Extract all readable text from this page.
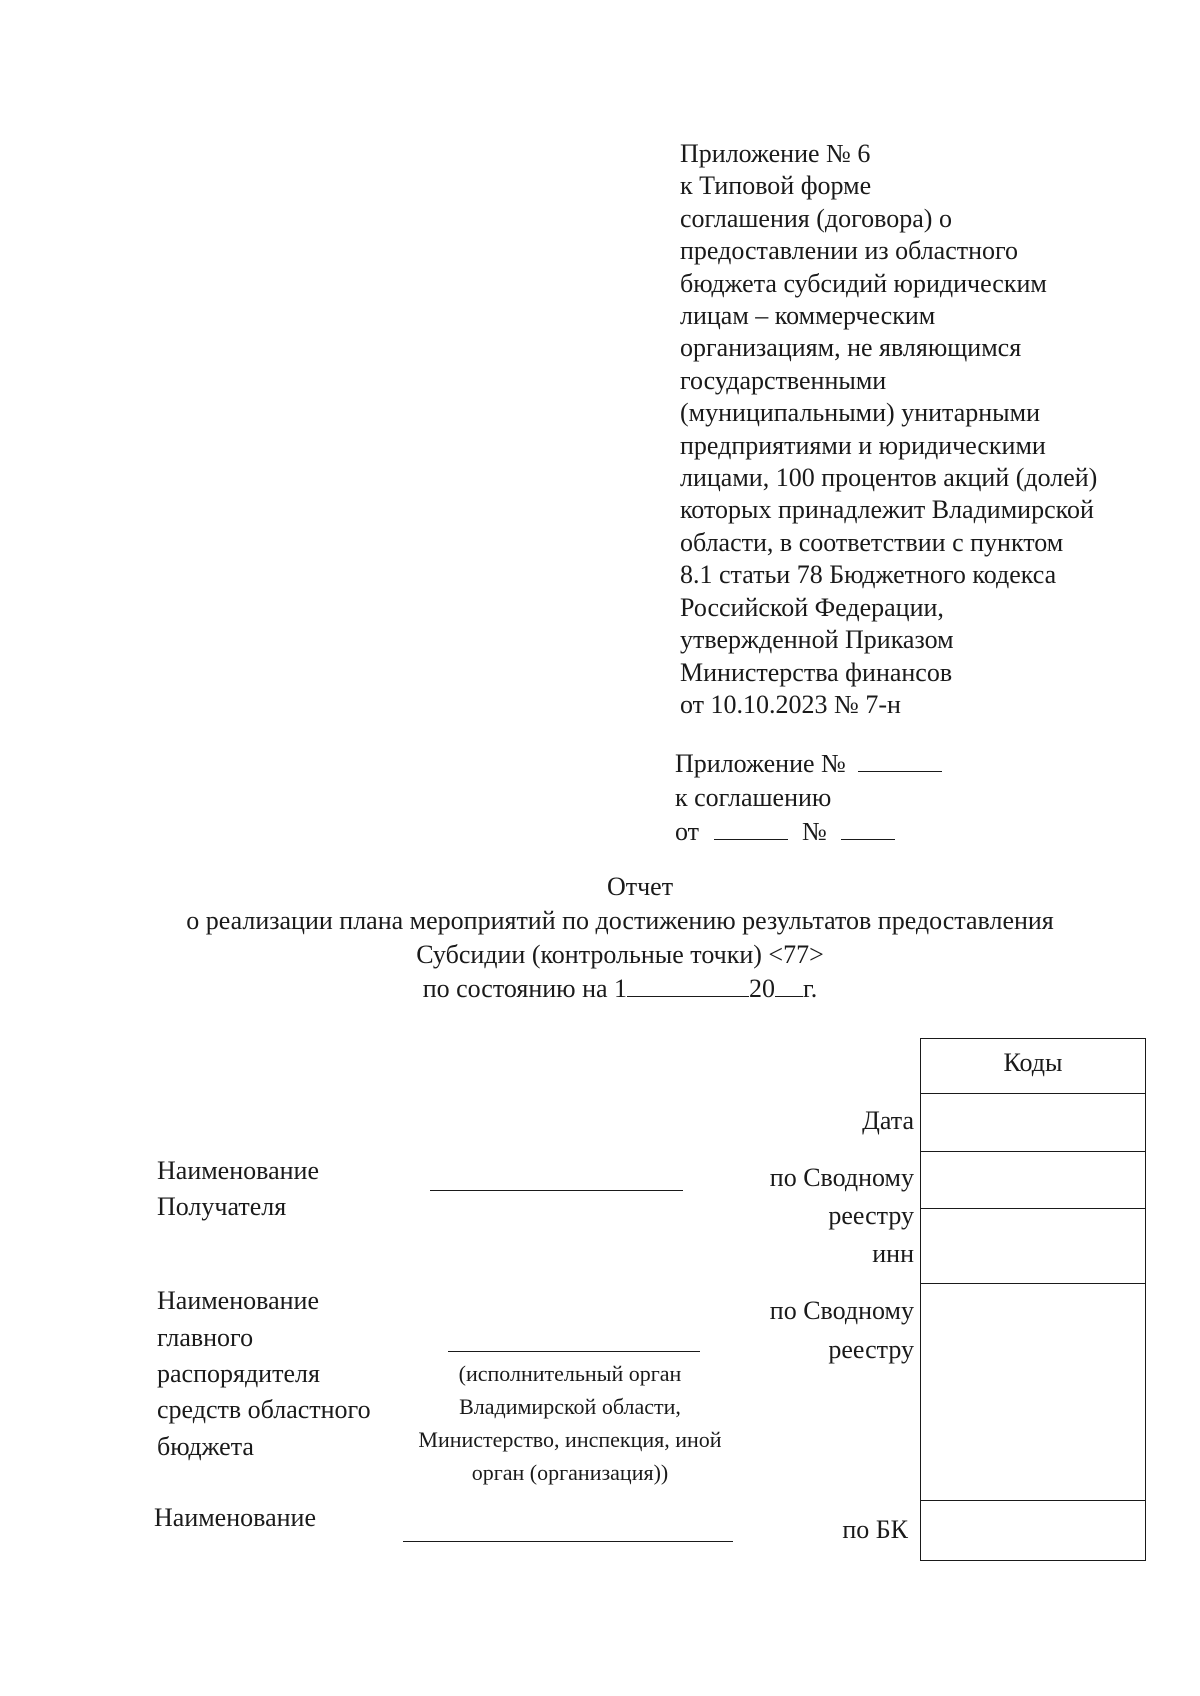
Приложение № 6
к Типовой форме
соглашения (договора) о
предоставлении из областного
бюджета субсидий юридическим
лицам – коммерческим
организациям, не являющимся
государственными
(муниципальными) унитарными
предприятиями и юридическими
лицами, 100 процентов акций (долей)
которых принадлежит Владимирской
области, в соответствии с пунктом
8.1 статьи 78 Бюджетного кодекса
Российской Федерации,
утвержденной Приказом
Министерства финансов
от 10.10.2023 № 7-н
Приложение №
к соглашению
от	№
Отчет
о реализации плана мероприятий по достижению результатов предоставления
Субсидии (контрольные точки) <77>
по состоянию на 1	20 г.
Коды
Дата
по Сводному
реестру
инн
по Сводному
реестру
по БК
Наименование
Получателя
Наименование
главного
распорядителя
средств областного
бюджета
(исполнительный орган
Владимирской области,
Министерство, инспекция, иной
орган (организация))
Наименование
